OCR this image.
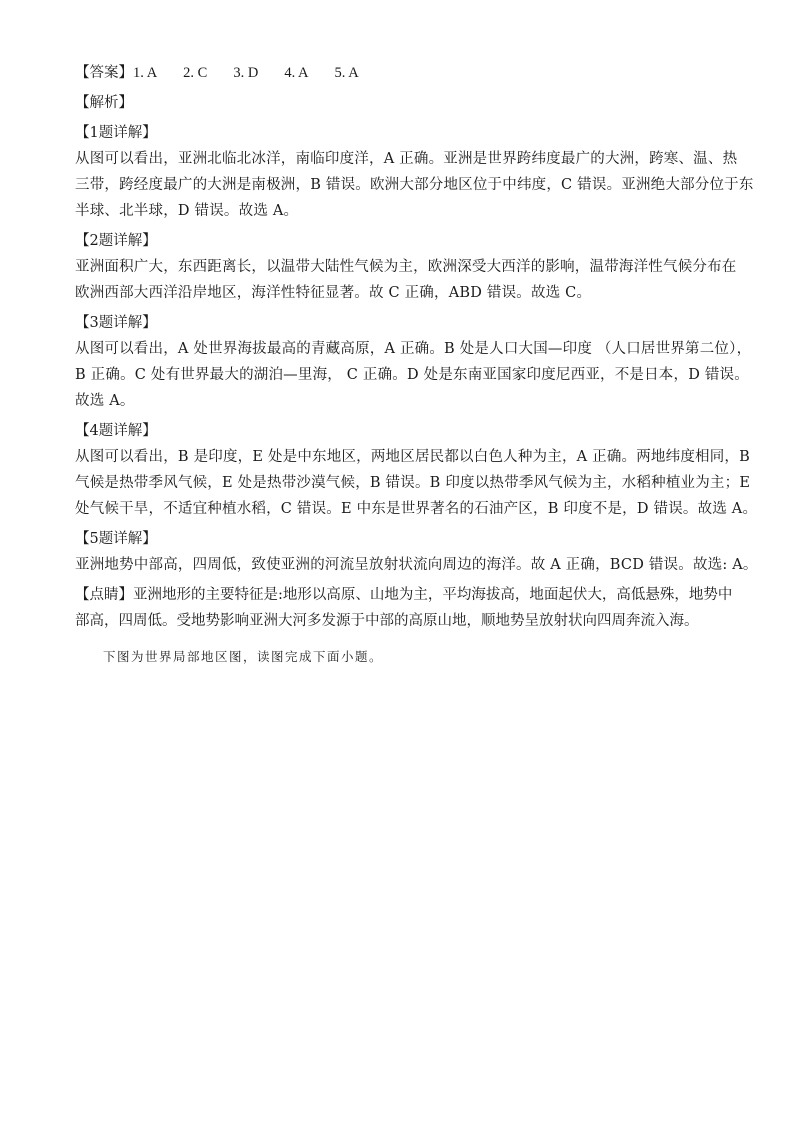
【答案】1. A 2. C 3. D 4. A 5. A

【解析】

【1题详解】

从图可以看出，亚洲北临北冰洋，南临印度洋，A 正确。亚洲是世界跨纬度最广的大洲，跨寒、温、热

三带，跨经度最广的大洲是南极洲，B 错误。欧洲大部分地区位于中纬度，C 错误。亚洲绝大部分位于东

半球、北半球，D 错误。故选 A。

【2题详解】

亚洲面积广大，东西距离长，以温带大陆性气候为主，欧洲深受大西洋的影响，温带海洋性气候分布在

欧洲西部大西洋沿岸地区，海洋性特征显著。故 C 正确，ABD 错误。故选 C。

【3题详解】

从图可以看出，A 处世界海拔最高的青藏高原，A 正确。B 处是人口大国—印度 （人口居世界第二位），

B 正确。C 处有世界最大的湖泊—里海， C 正确。D 处是东南亚国家印度尼西亚，不是日本，D 错误。

故选 A。

【4题详解】

从图可以看出，B 是印度，E 处是中东地区，两地区居民都以白色人种为主，A 正确。两地纬度相同，B

气候是热带季风气候，E 处是热带沙漠气候，B 错误。B 印度以热带季风气候为主，水稻种植业为主；E

处气候干旱，不适宜种植水稻，C 错误。E 中东是世界著名的石油产区，B 印度不是，D 错误。故选 A。

【5题详解】

亚洲地势中部高，四周低，致使亚洲的河流呈放射状流向周边的海洋。故 A 正确，BCD 错误。故选: A。

【点睛】亚洲地形的主要特征是:地形以高原、山地为主，平均海拔高，地面起伏大，高低悬殊，地势中

部高，四周低。受地势影响亚洲大河多发源于中部的高原山地，顺地势呈放射状向四周奔流入海。

下图为世界局部地区图，读图完成下面小题。
